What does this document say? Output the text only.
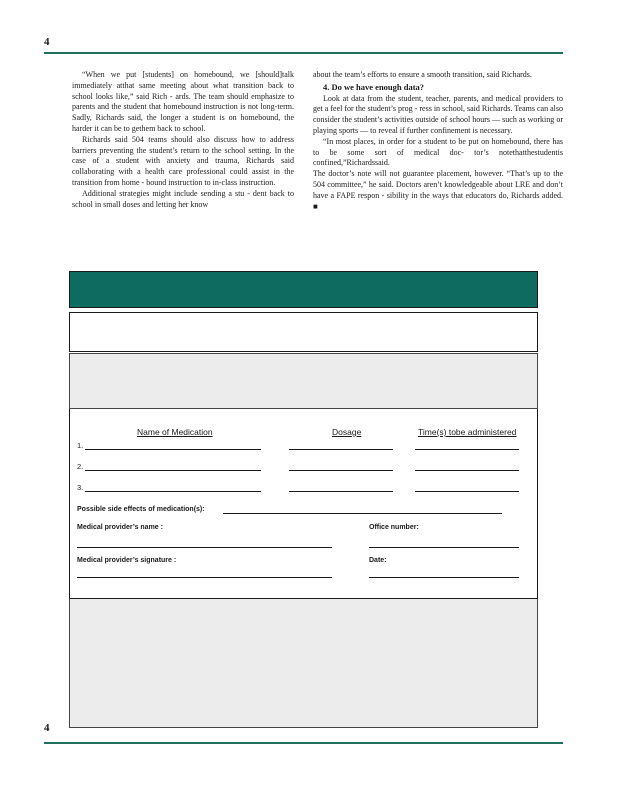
4

“When we put [students] on homebound, we [should]talk immediately atthat same meeting about what transition back to school looks like,” said Rich - ards. The team should emphasize to parents and the student that homebound instruction is not long-term. Sadly, Richards said, the longer a student is on homebound, the harder it can be to gethem back to school.

Richards said 504 teams should also discuss how to address barriers preventing the student’s return to the school setting. In the case of a student with anxiety and trauma, Richards said collaborating with a health care professional could assist in the transition from home - bound instruction to in-class instruction.

Additional strategies might include sending a stu - dent back to school in small doses and letting her know

about the team’s efforts to ensure a smooth transition, said Richards.

4. Do we have enough data?

Look at data from the student, teacher, parents, and medical providers to get a feel for the student’s prog - ress in school, said Richards. Teams can also consider the student’s activities outside of school hours — such as working or playing sports — to reveal if further confinement is necessary.

“In most places, in order for a student to be put on homebound, there has to be some sort of medical doc- tor’s notethatthestudentis confined,”Richardssaid.

The doctor’s note will not guarantee placement, however. “That’s up to the 504 committee,” he said. Doctors aren’t knowledgeable about LRE and don’t have a FAPE respon - sibility in the ways that educators do, Richards added. ■

Name of Medication	Dosage	Time(s) tobe administered
1.
2.
3.
Possible side effects of medication(s):
Medical provider’s name :	Office number:
Medical provider’s signature :	Date:
4
